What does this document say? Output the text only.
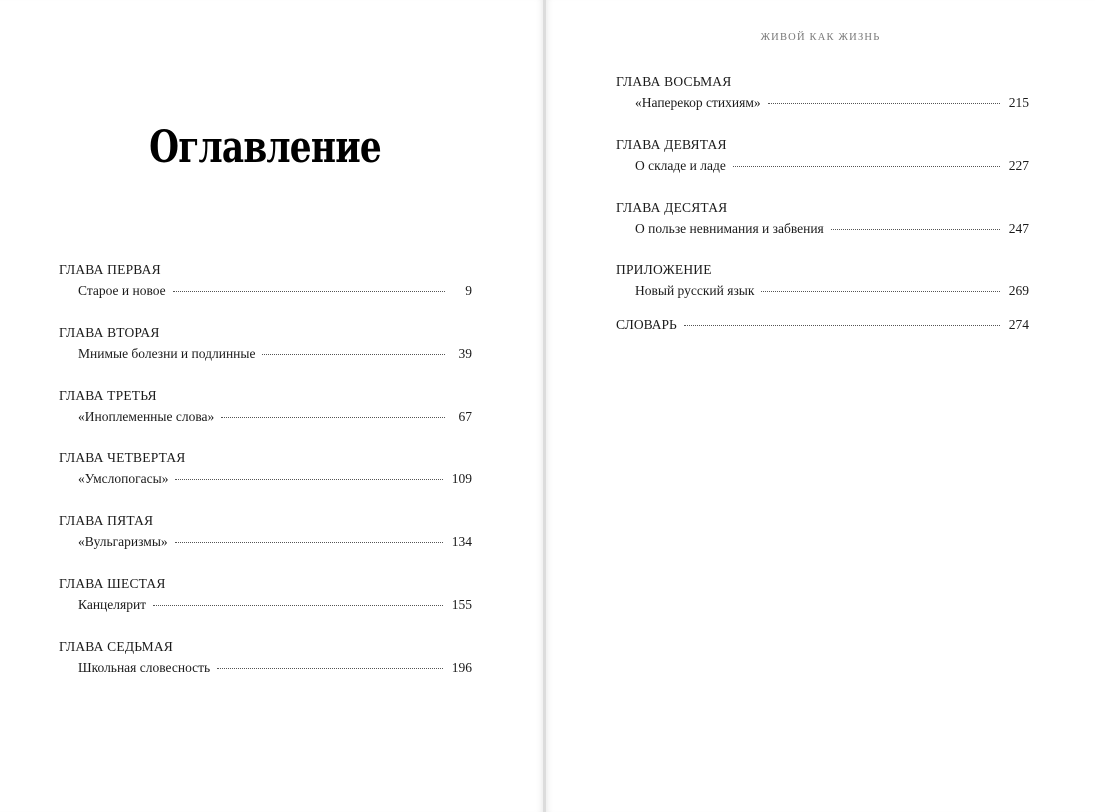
Оглавление
ГЛАВА ПЕРВАЯ
Старое и новое	9
ГЛАВА ВТОРАЯ
Мнимые болезни и подлинные	39
ГЛАВА ТРЕТЬЯ
«Иноплеменные слова»	67
ГЛАВА ЧЕТВЕРТАЯ
«Умслопогасы»	109
ГЛАВА ПЯТАЯ
«Вульгаризмы»	134
ГЛАВА ШЕСТАЯ
Канцелярит	155
ГЛАВА СЕДЬМАЯ
Школьная словесность	196
ЖИВОЙ КАК ЖИЗНЬ
ГЛАВА ВОСЬМАЯ
«Наперекор стихиям»	215
ГЛАВА ДЕВЯТАЯ
О складе и ладе	227
ГЛАВА ДЕСЯТАЯ
О пользе невнимания и забвения	247
ПРИЛОЖЕНИЕ
Новый русский язык	269
СЛОВАРЬ	274
